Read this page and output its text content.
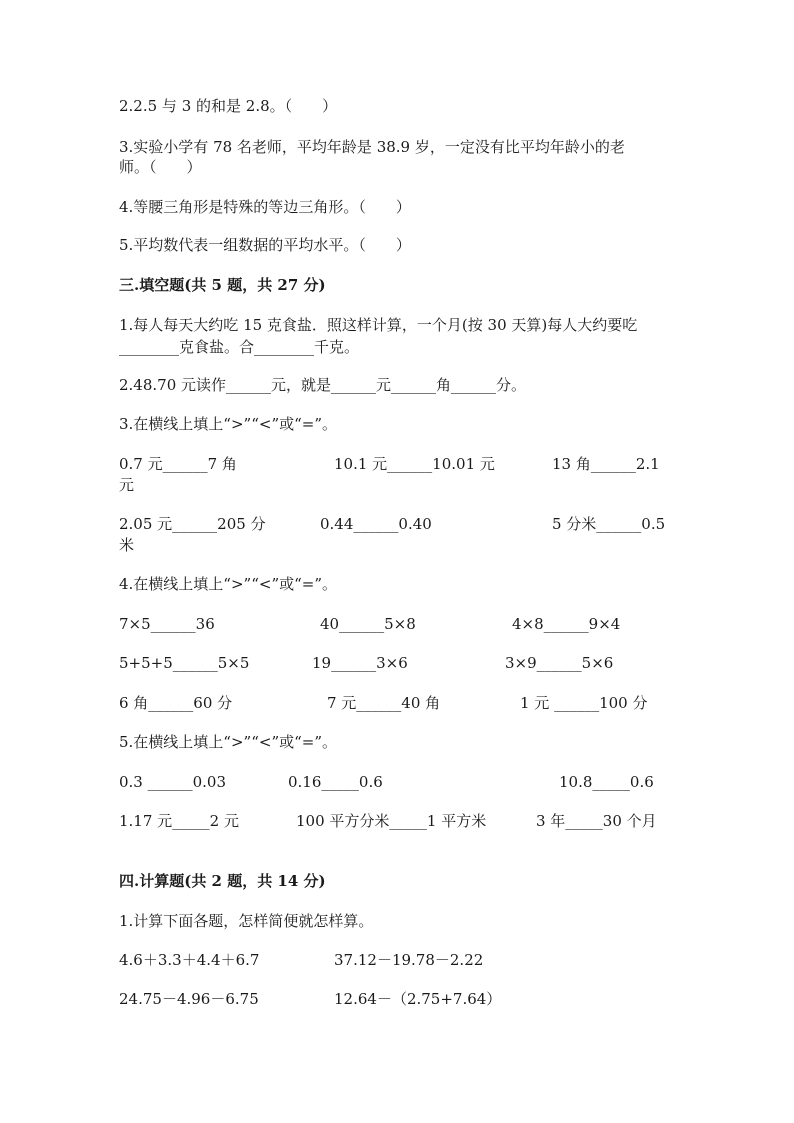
2.2.5 与 3 的和是 2.8。（　　）
3.实验小学有 78 名老师，平均年龄是 38.9 岁，一定没有比平均年龄小的老
师。（　　）
4.等腰三角形是特殊的等边三角形。（　　）
5.平均数代表一组数据的平均水平。（　　）
三.填空题(共 5 题，共 27 分)
1.每人每天大约吃 15 克食盐．照这样计算，一个月(按 30 天算)每人大约要吃
________克食盐。合________千克。
2.48.70 元读作______元，就是______元______角______分。
3.在横线上填上“>”“<”或“=”。
0.7 元______7 角	10.1 元______10.01 元	13 角______2.1
元
2.05 元______205 分	0.44______0.40	5 分米______0.5
米
4.在横线上填上“>”“<”或“=”。
7×5______36	40______5×8	4×8______9×4
5+5+5______5×5	19______3×6	3×9______5×6
6 角______60 分	7 元______40 角	1 元 ______100 分
5.在横线上填上“>”“<”或“=”。
0.3 ______0.03	0.16_____0.6	10.8_____0.6
1.17 元_____2 元	100 平方分米_____1 平方米	3 年_____30 个月
四.计算题(共 2 题，共 14 分)
1.计算下面各题，怎样简便就怎样算。
4.6＋3.3＋4.4＋6.7	37.12－19.78－2.22
24.75－4.96－6.75	12.64－（2.75+7.64）
